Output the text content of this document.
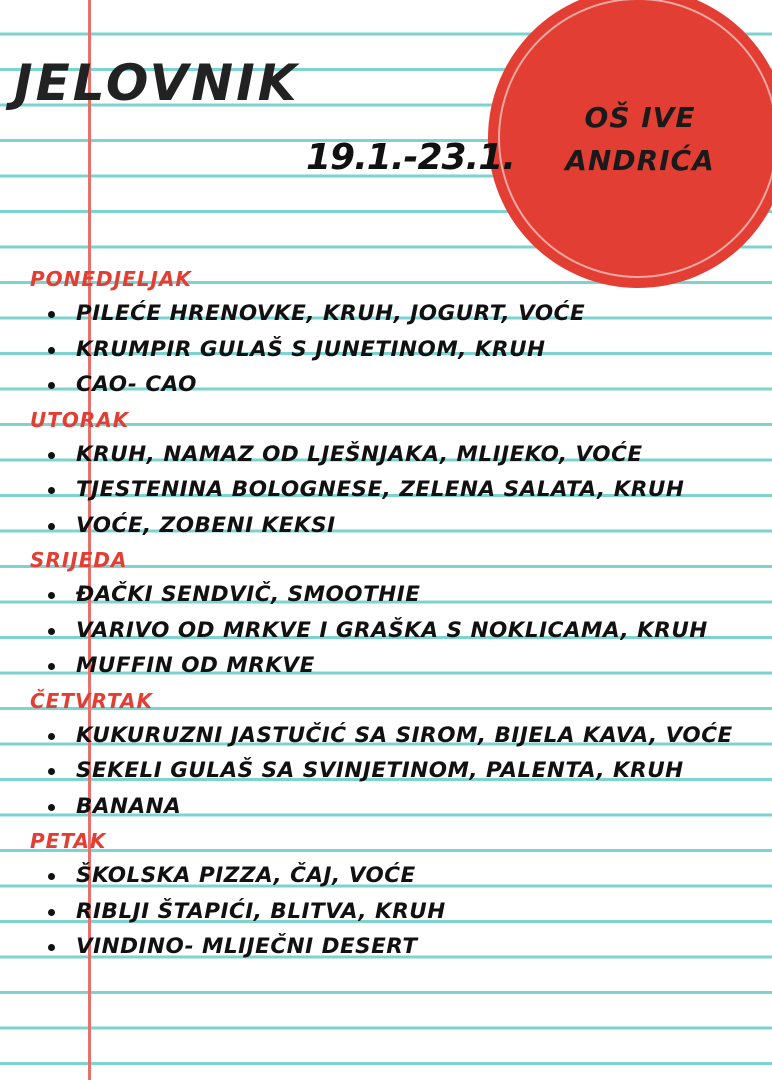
OŠ IVE
ANDRIĆA
JELOVNIK
19.1.-23.1.
PONEDJELJAK
PILEĆE HRENOVKE, KRUH, JOGURT, VOĆE
KRUMPIR GULAŠ S JUNETINOM, KRUH
CAO- CAO
UTORAK
KRUH, NAMAZ OD LJEŠNJAKA, MLIJEKO, VOĆE
TJESTENINA BOLOGNESE, ZELENA SALATA, KRUH
VOĆE, ZOBENI KEKSI
SRIJEDA
ĐAČKI SENDVIČ, SMOOTHIE
VARIVO OD MRKVE I GRAŠKA S NOKLICAMA, KRUH
MUFFIN OD MRKVE
ČETVRTAK
KUKURUZNI JASTUČIĆ SA SIROM, BIJELA KAVA, VOĆE
SEKELI GULAŠ SA SVINJETINOM, PALENTA, KRUH
BANANA
PETAK
ŠKOLSKA PIZZA, ČAJ, VOĆE
RIBLJI ŠTAPIĆI, BLITVA, KRUH
VINDINO- MLIJEČNI DESERT
